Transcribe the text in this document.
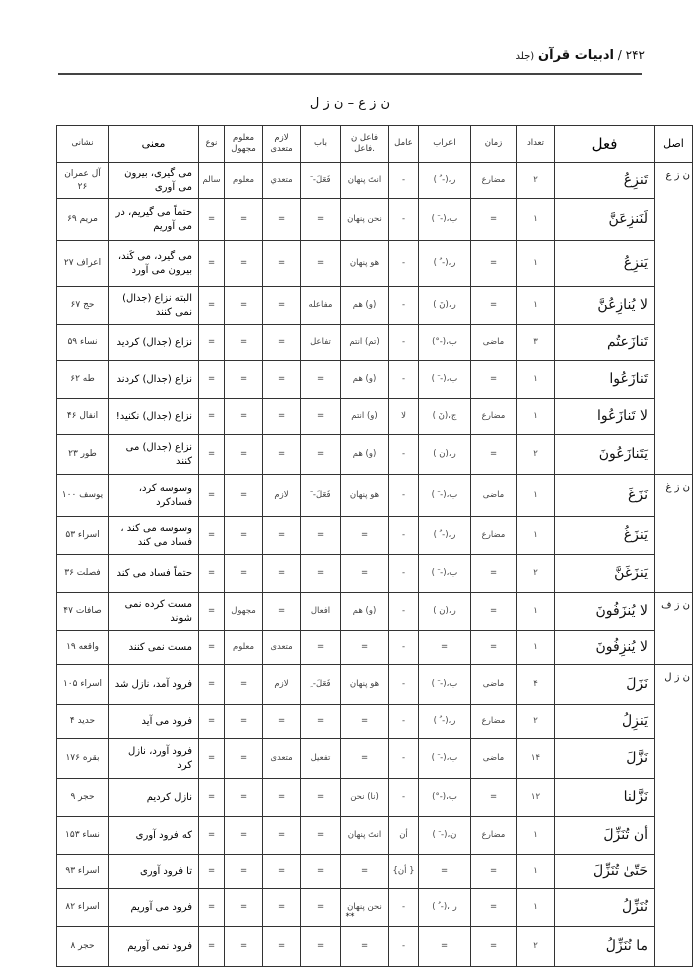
۲۴۲ / ادبیات قرآن (جلد
ن ز ع – ن ز ل
اصل	فعل	تعداد	زمان	اعراب	عامل	فاعل ن .فاعل	باب	لازم متعدی	معلوم مجهول	نوع	معنی	نشانی
ن ز ع	تَنزِعُ	۲	مضارع	ر،(- ُ )	-	انتَ پنهان	فَعَلَ- َ	متعدي	معلوم	سالم	می گیری، بیرون می آوری	آل عمران ۲۶
	لَنَنزِعَنَّ	۱	=	ب،(- َ )	-	نحن پنهان	=	=	=	=	حتماً می گیریم، در می آوریم	مریم ۶۹
	يَنزِعُ	۱	=	ر،(- ُ )	-	هو پنهان	=	=	=	=	می گیرد، می کَند، بیرون می آورد	اعراف ۲۷
	لا يُنازِعُنَّ	۱	=	ر،(نَ )	-	(و) هم	مفاعله	=	=	=	البته نزاع (جدال) نمی کنند	حج ۶۷
	تَنازَعتُم	۳	ماضی	ب،(-°)	-	(تم) انتم	تفاعل	=	=	=	نزاع (جدال) کردید	نساء ۵۹
	تَنازَعُوا	۱	=	ب،(- َ )	-	(و) هم	=	=	=	=	نزاع (جدال) کردند	طه ۶۲
	لا تَنازَعُوا	۱	مضارع	ج،(نَ )	لا	(و) انتم	=	=	=	=	نزاع (جدال) نکنید!	انفال ۴۶
	يَتَنازَعُونَ	۲	=	ر،(ن )	-	(و) هم	=	=	=	=	نزاع (جدال) می کنند	طور ۲۳
ن ز غ	نَزَغَ	۱	ماضی	ب،(- َ )	-	هو پنهان	فَعَلَ- َ	لازم	=	=	وسوسه کرد، فسادکرد	یوسف ۱۰۰
	يَنزَغُ	۱	مضارع	ر،(- ُ )	-	=	=	=	=	=	وسوسه می کند ، فساد می کند	اسراء ۵۳
	يَنزَغَنَّ	۲	=	ب،(- َ )	-	=	=	=	=	=	حتماً فساد می کند	فصلت ۳۶
ن ز ف	لا يُنزَفُونَ	۱	=	ر،(ن )	-	(و) هم	افعال	=	مجهول	=	مست کرده نمی شوند	صافات ۴۷
	لا يُنزِفُونَ	۱	=	=	-	=	=	متعدی	معلوم	=	مست نمی کنند	واقعه ۱۹
ن ز ل	نَزَلَ	۴	ماضی	ب،(- َ )	-	هو پنهان	فَعَلَ- ِ	لازم	=	=	فرود آمد، نازل شد	اسراء ۱۰۵
	يَنزِلُ	۲	مضارع	ر،(- ُ )	-	=	=	=	=	=	فرود می آید	حدید ۴
	نَزَّلَ	۱۴	ماضی	ب،(- َ )	-	=	تفعیل	متعدی	=	=	فرود آورد، نازل کرد	بقره ۱۷۶
	نَزَّلنا	۱۲	=	ب،(-°)	-	(نا) نحن	=	=	=	=	نازل کردیم	حجر ۹
	أن تُنَزِّلَ	۱	مضارع	ن،(- َ )	أن	انتَ پنهان	=	=	=	=	که فرود آوری	نساء ۱۵۳
	حَتّىٰ تُنَزِّلَ	۱	=	=	{ أن}	=	=	=	=	=	تا فرود آوری	اسراء ۹۳
	نُنَزِّلُ	۱	=	ر ،(- ُ )	-	نحن پنهان	=	=	=	=	فرود می آوریم	اسراء ۸۲
	ما نُنَزِّلُ	۲	=	=	-	=	=	=	=	=	فرود نمی آوریم	حجر ۸
**
